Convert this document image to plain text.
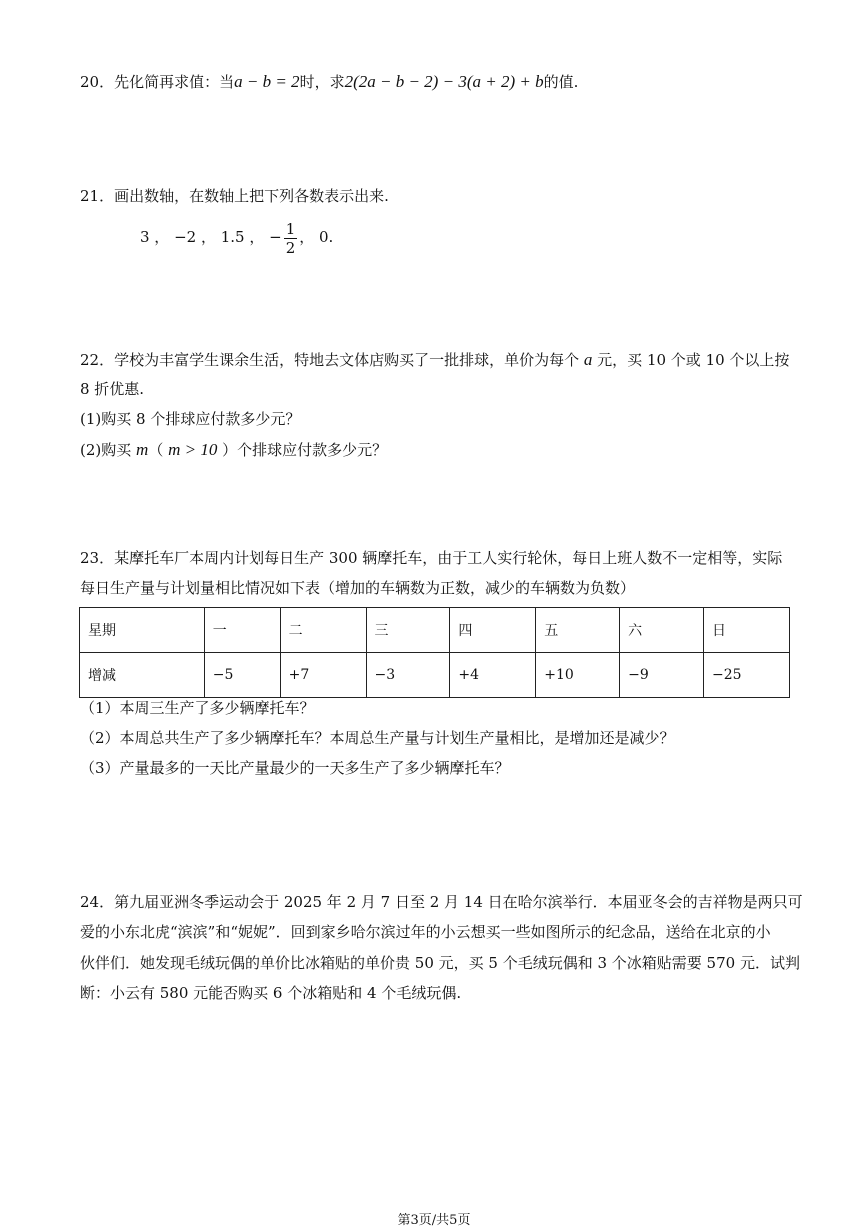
20．先化简再求值：当a − b = 2时，求2(2a − b − 2) − 3(a + 2) + b的值.
21．画出数轴，在数轴上把下列各数表示出来.
3 ， −2 ， 1.5 ， − $\frac{1}{2}$ ， 0.
22．学校为丰富学生课余生活，特地去文体店购买了一批排球，单价为每个 a 元，买 10 个或 10 个以上按
8 折优惠.
(1)购买 8 个排球应付款多少元？
(2)购买 m（ m > 10 ）个排球应付款多少元？
23．某摩托车厂本周内计划每日生产 300 辆摩托车，由于工人实行轮休，每日上班人数不一定相等，实际
每日生产量与计划量相比情况如下表（增加的车辆数为正数，减少的车辆数为负数）
星期	一	二	三	四	五	六	日
增减	−5	+7	−3	+4	+10	−9	−25
（1）本周三生产了多少辆摩托车？
（2）本周总共生产了多少辆摩托车？本周总生产量与计划生产量相比，是增加还是减少？
（3）产量最多的一天比产量最少的一天多生产了多少辆摩托车？
24．第九届亚洲冬季运动会于 2025 年 2 月 7 日至 2 月 14 日在哈尔滨举行．本届亚冬会的吉祥物是两只可
爱的小东北虎“滨滨”和“妮妮”．回到家乡哈尔滨过年的小云想买一些如图所示的纪念品，送给在北京的小
伙伴们．她发现毛绒玩偶的单价比冰箱贴的单价贵 50 元，买 5 个毛绒玩偶和 3 个冰箱贴需要 570 元．试判
断：小云有 580 元能否购买 6 个冰箱贴和 4 个毛绒玩偶.
第3页/共5页
